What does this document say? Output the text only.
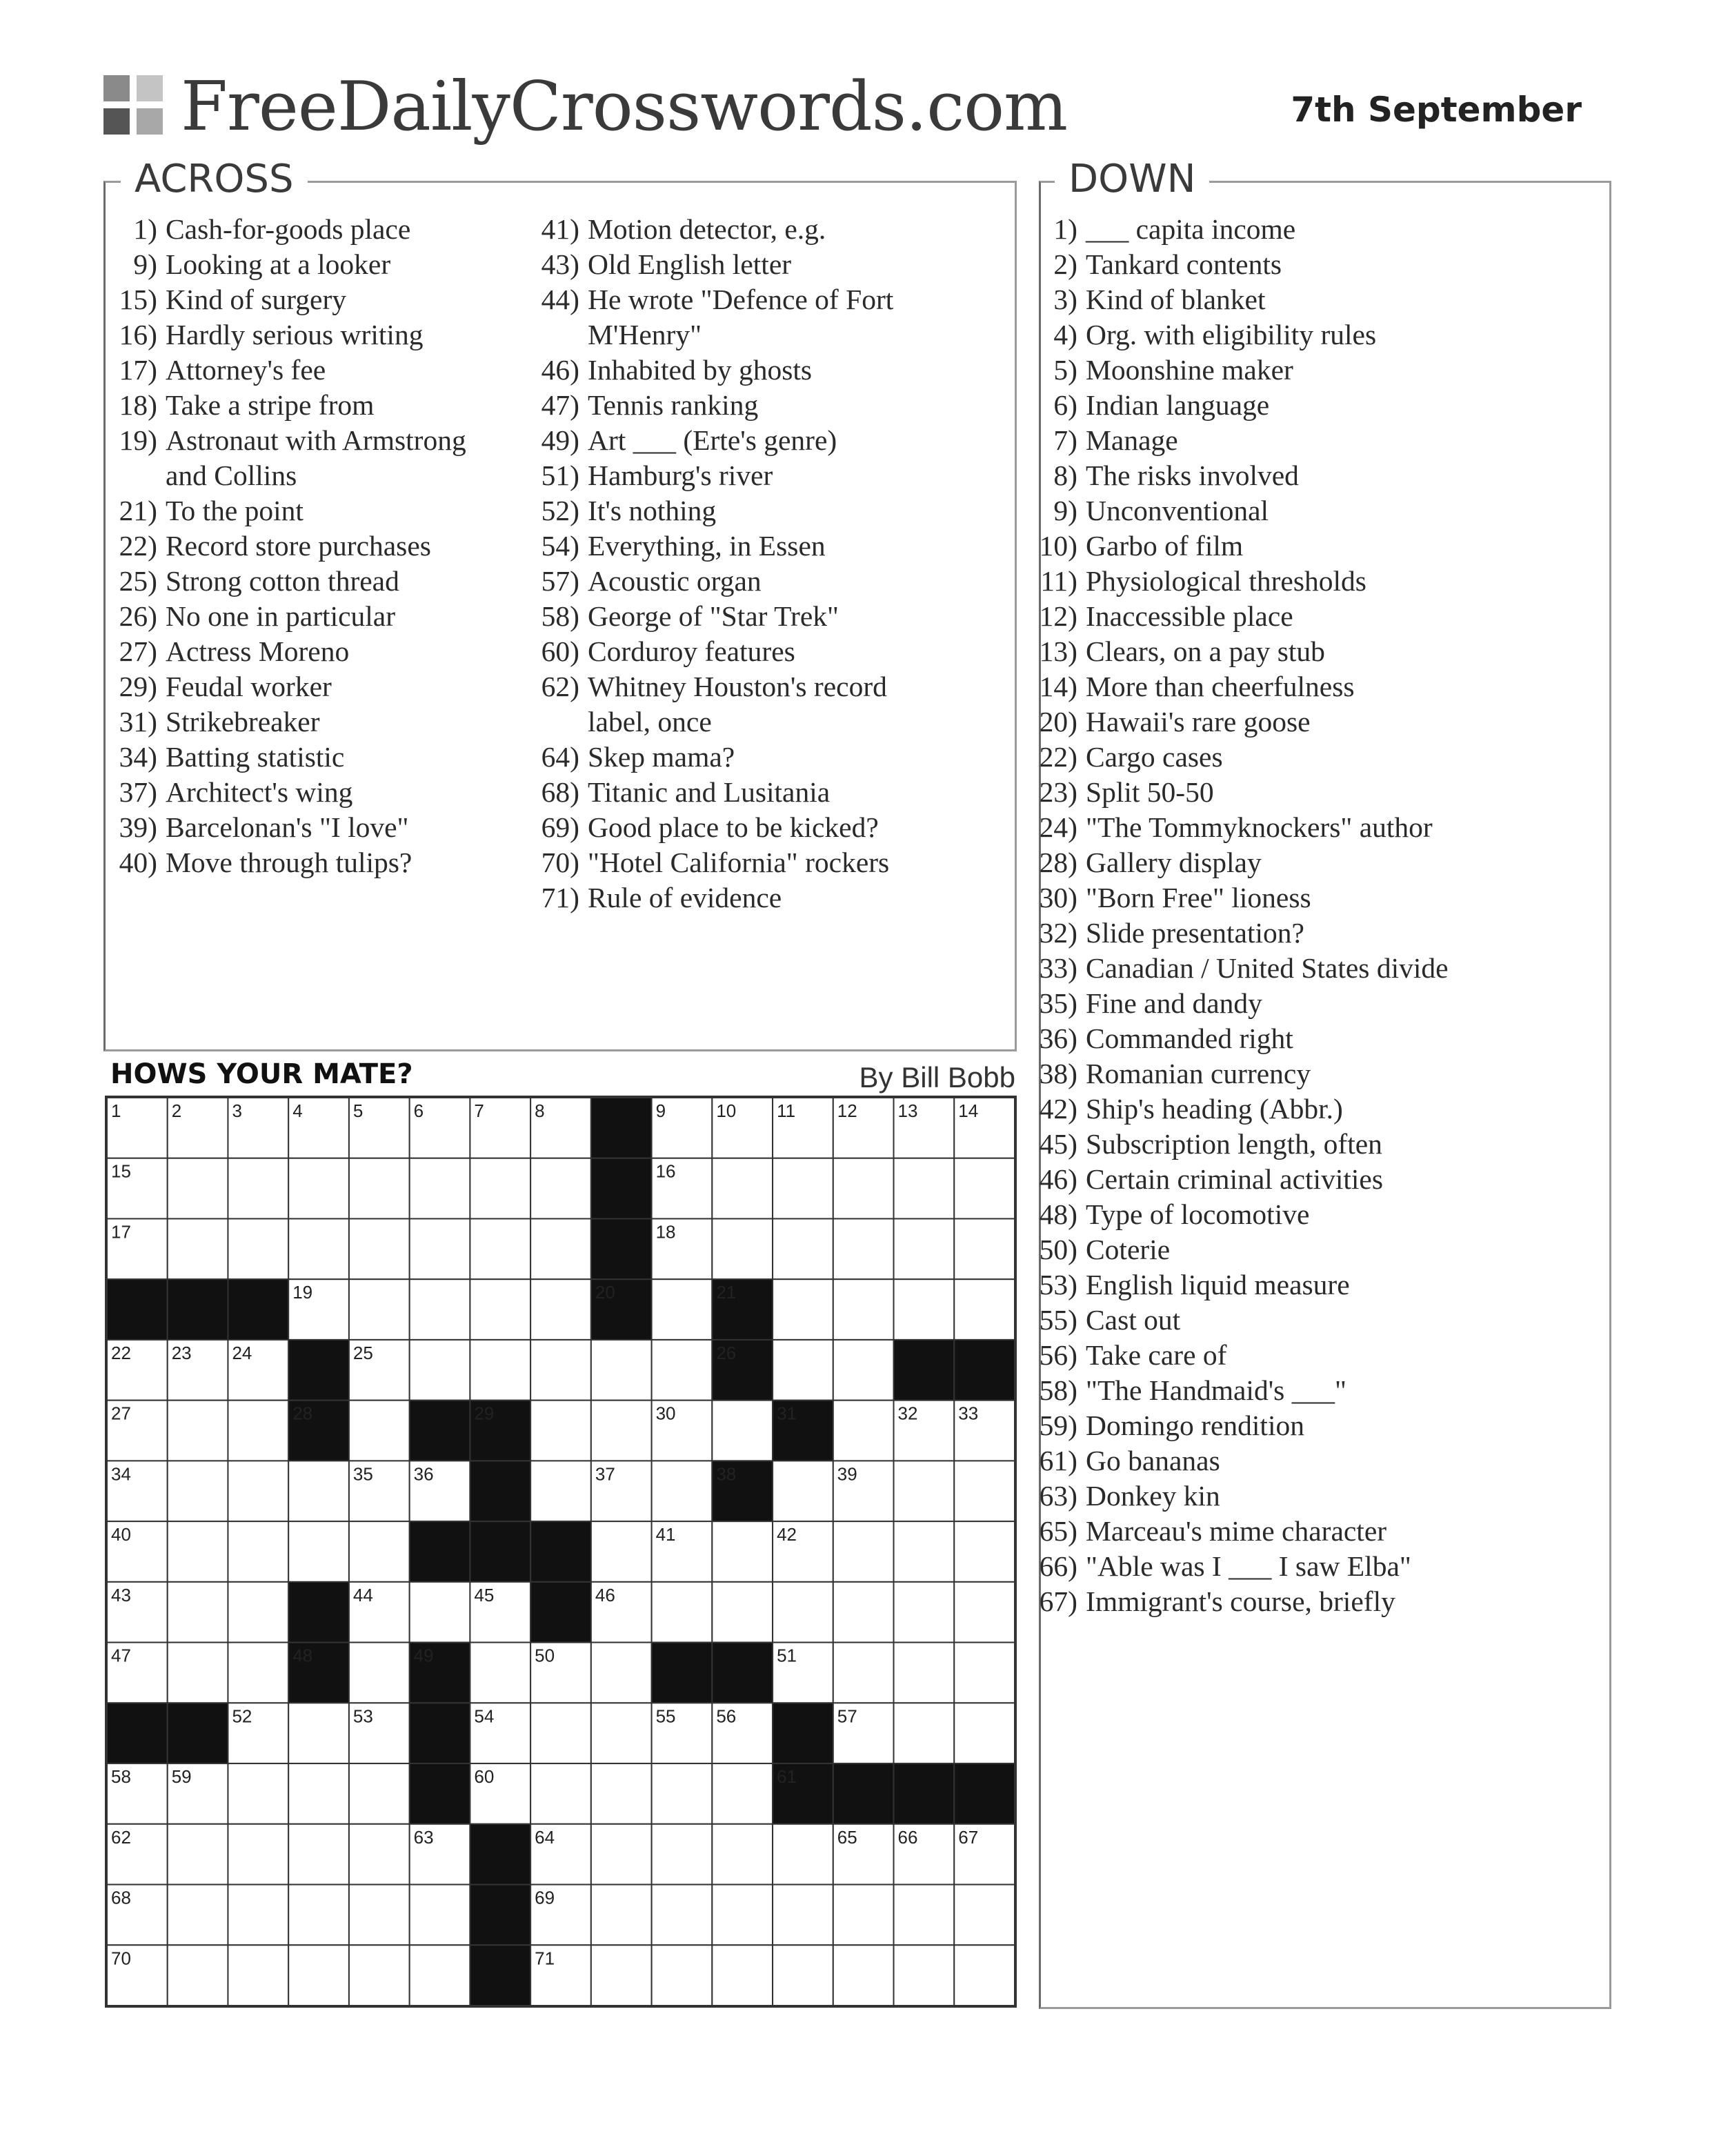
FreeDailyCrosswords.com	7th September
ACROSS
1) Cash-for-goods place
9) Looking at a looker
15) Kind of surgery
16) Hardly serious writing
17) Attorney's fee
18) Take a stripe from
19) Astronaut with Armstrong
and Collins
21) To the point
22) Record store purchases
25) Strong cotton thread
26) No one in particular
27) Actress Moreno
29) Feudal worker
31) Strikebreaker
34) Batting statistic
37) Architect's wing
39) Barcelonan's "I love"
40) Move through tulips?
41) Motion detector, e.g.
43) Old English letter
44) He wrote "Defence of Fort
M'Henry"
46) Inhabited by ghosts
47) Tennis ranking
49) Art ___ (Erte's genre)
51) Hamburg's river
52) It's nothing
54) Everything, in Essen
57) Acoustic organ
58) George of "Star Trek"
60) Corduroy features
62) Whitney Houston's record
label, once
64) Skep mama?
68) Titanic and Lusitania
69) Good place to be kicked?
70) "Hotel California" rockers
71) Rule of evidence
DOWN
1) ___ capita income
2) Tankard contents
3) Kind of blanket
4) Org. with eligibility rules
5) Moonshine maker
6) Indian language
7) Manage
8) The risks involved
9) Unconventional
10) Garbo of film
11) Physiological thresholds
12) Inaccessible place
13) Clears, on a pay stub
14) More than cheerfulness
20) Hawaii's rare goose
22) Cargo cases
23) Split 50-50
24) "The Tommyknockers" author
28) Gallery display
30) "Born Free" lioness
32) Slide presentation?
33) Canadian / United States divide
35) Fine and dandy
36) Commanded right
38) Romanian currency
42) Ship's heading (Abbr.)
45) Subscription length, often
46) Certain criminal activities
48) Type of locomotive
50) Coterie
53) English liquid measure
55) Cast out
56) Take care of
58) "The Handmaid's ___"
59) Domingo rendition
61) Go bananas
63) Donkey kin
65) Marceau's mime character
66) "Able was I ___ I saw Elba"
67) Immigrant's course, briefly
HOWS YOUR MATE?	By Bill Bobb
1	2	3	4	5	6	7	8	9	10 11 12 13 14
15	16
17	18
19	20	21
22 23 24	25	26
27	28	29	30	31	32 33
34	35 36	37	38	39
40	41	42
43	44	45	46
47	48	49	50	51
52	53	54	55 56	57
58 59	60	61
62	63	64	65 66 67
68	69
70	71
